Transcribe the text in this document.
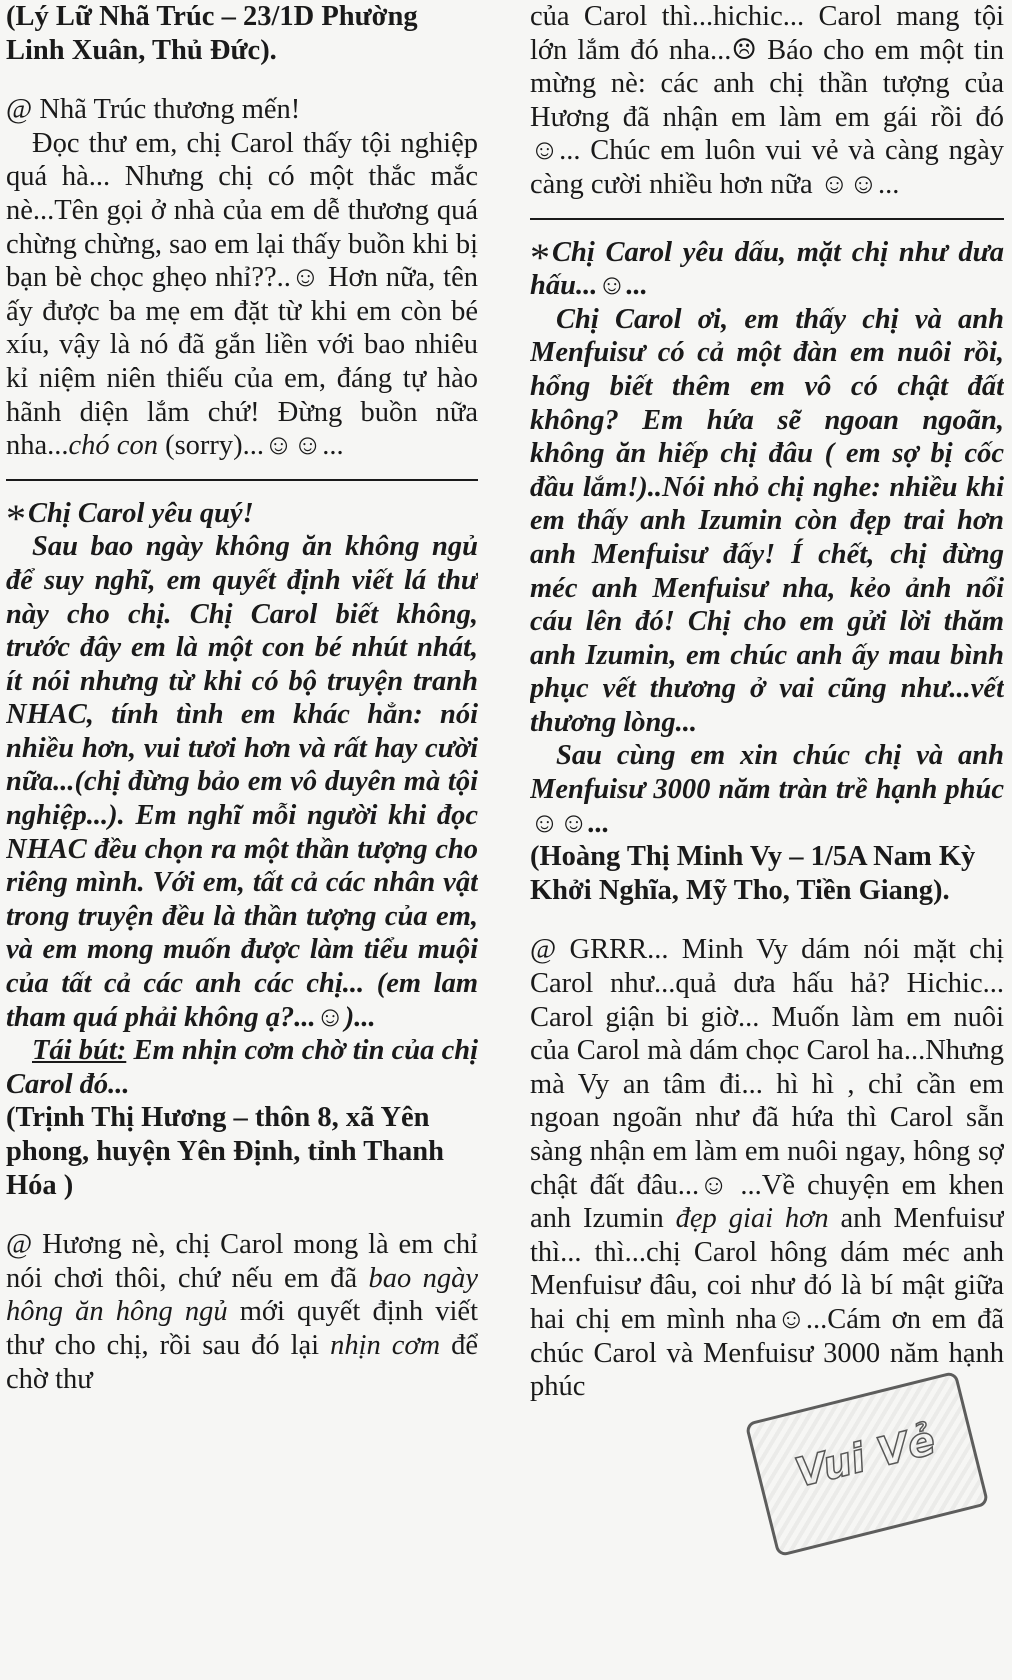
(Lý Lữ Nhã Trúc – 23/1D Phường Linh Xuân, Thủ Đức).

@ Nhã Trúc thương mến!

Đọc thư em, chị Carol thấy tội nghiệp quá hà... Nhưng chị có một thắc mắc nè...Tên gọi ở nhà của em dễ thương quá chừng chừng, sao em lại thấy buồn khi bị bạn bè chọc ghẹo nhỉ??..☺ Hơn nữa, tên ấy được ba mẹ em đặt từ khi em còn bé xíu, vậy là nó đã gắn liền với bao nhiêu kỉ niệm niên thiếu của em, đáng tự hào hãnh diện lắm chứ! Đừng buồn nữa nha...chó con (sorry)...☺☺...

*Chị Carol yêu quý!

Sau bao ngày không ăn không ngủ để suy nghĩ, em quyết định viết lá thư này cho chị. Chị Carol biết không, trước đây em là một con bé nhút nhát, ít nói nhưng từ khi có bộ truyện tranh NHAC, tính tình em khác hẳn: nói nhiều hơn, vui tươi hơn và rất hay cười nữa...(chị đừng bảo em vô duyên mà tội nghiệp...). Em nghĩ mỗi người khi đọc NHAC đều chọn ra một thần tượng cho riêng mình. Với em, tất cả các nhân vật trong truyện đều là thần tượng của em, và em mong muốn được làm tiểu muội của tất cả các anh các chị... (em lam tham quá phải không ạ?...☺)...

Tái bút: Em nhịn cơm chờ tin của chị Carol đó...

(Trịnh Thị Hương – thôn 8, xã Yên phong, huyện Yên Định, tỉnh Thanh Hóa )

@ Hương nè, chị Carol mong là em chỉ nói chơi thôi, chứ nếu em đã bao ngày hông ăn hông ngủ mới quyết định viết thư cho chị, rồi sau đó lại nhịn cơm để chờ thư

của Carol thì...hichic... Carol mang tội lớn lắm đó nha...☹ Báo cho em một tin mừng nè: các anh chị thần tượng của Hương đã nhận em làm em gái rồi đó☺... Chúc em luôn vui vẻ và càng ngày càng cười nhiều hơn nữa ☺☺...

*Chị Carol yêu dấu, mặt chị như dưa hấu...☺...

Chị Carol ơi, em thấy chị và anh Menfuisư có cả một đàn em nuôi rồi, hổng biết thêm em vô có chật đất không? Em hứa sẽ ngoan ngoãn, không ăn hiếp chị đâu ( em sợ bị cốc đầu lắm!)..Nói nhỏ chị nghe: nhiều khi em thấy anh Izumin còn đẹp trai hơn anh Menfuisư đấy! Í chết, chị đừng méc anh Menfuisư nha, kẻo ảnh nổi cáu lên đó! Chị cho em gửi lời thăm anh Izumin, em chúc anh ấy mau bình phục vết thương ở vai cũng như...vết thương lòng...

Sau cùng em xin chúc chị và anh Menfuisư 3000 năm tràn trề hạnh phúc ☺☺...

(Hoàng Thị Minh Vy – 1/5A Nam Kỳ Khởi Nghĩa, Mỹ Tho, Tiền Giang).

@ GRRR... Minh Vy dám nói mặt chị Carol như...quả dưa hấu hả? Hichic... Carol giận bi giờ... Muốn làm em nuôi của Carol mà dám chọc Carol ha...Nhưng mà Vy an tâm đi... hì hì , chỉ cần em ngoan ngoãn như đã hứa thì Carol sẵn sàng nhận em làm em nuôi ngay, hông sợ chật đất đâu...☺ ...Về chuyện em khen anh Izumin đẹp giai hơn anh Menfuisư thì... thì...chị Carol hông dám méc anh Menfuisư đâu, coi như đó là bí mật giữa hai chị em mình nha☺...Cám ơn em đã chúc Carol và Menfuisư 3000 năm hạnh phúc

Vui Vẻ
